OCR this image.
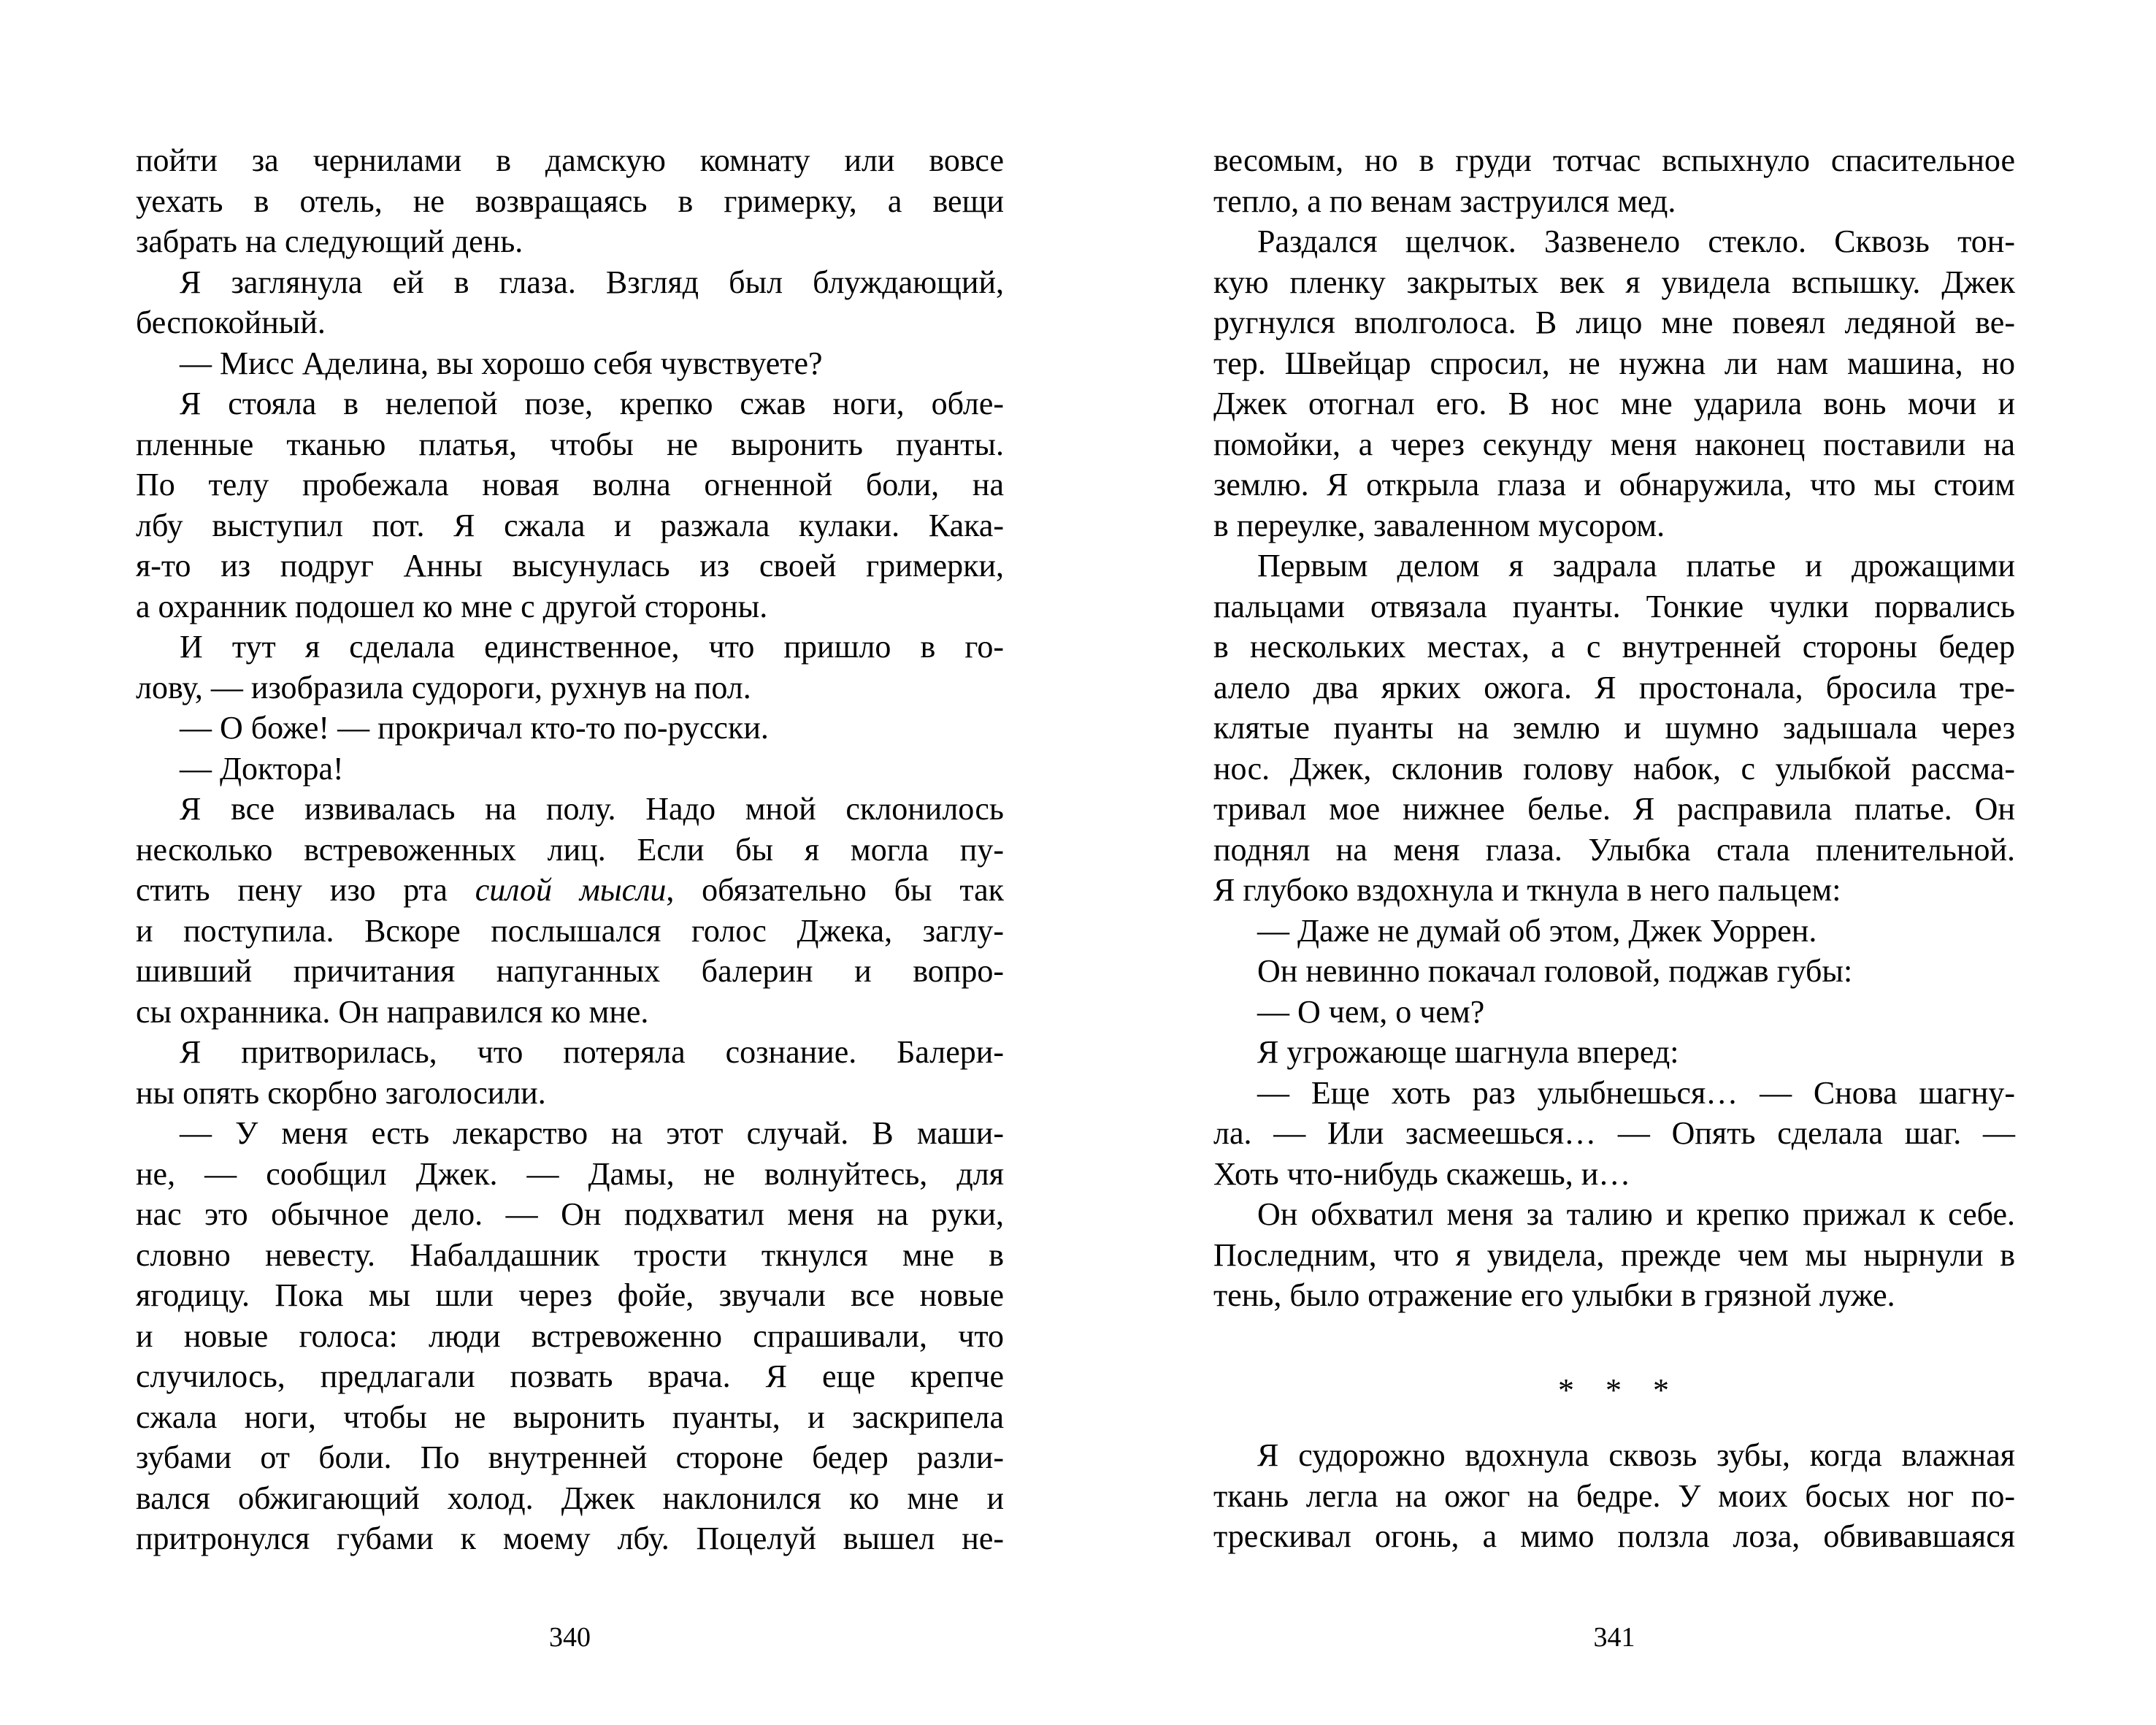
пойти за чернилами в дамскую комнату или вовсе
уехать в отель, не возвращаясь в гримерку, а вещи
забрать на следующий день.
Я заглянула ей в глаза. Взгляд был блуждающий,
беспокойный.
— Мисс Аделина, вы хорошо себя чувствуете?
Я стояла в нелепой позе, крепко сжав ноги, обле-
пленные тканью платья, чтобы не выронить пуанты.
По телу пробежала новая волна огненной боли, на
лбу выступил пот. Я сжала и разжала кулаки. Кака-
я-то из подруг Анны высунулась из своей гримерки,
а охранник подошел ко мне с другой стороны.
И тут я сделала единственное, что пришло в го-
лову, — изобразила судороги, рухнув на пол.
— О боже! — прокричал кто-то по-русски.
— Доктора!
Я все извивалась на полу. Надо мной склонилось
несколько встревоженных лиц. Если бы я могла пу-
стить пену изо рта силой мысли, обязательно бы так
и поступила. Вскоре послышался голос Джека, заглу-
шивший причитания напуганных балерин и вопро-
сы охранника. Он направился ко мне.
Я притворилась, что потеряла сознание. Балери-
ны опять скорбно заголосили.
— У меня есть лекарство на этот случай. В маши-
не, — сообщил Джек. — Дамы, не волнуйтесь, для
нас это обычное дело. — Он подхватил меня на руки,
словно невесту. Набалдашник трости ткнулся мне в
ягодицу. Пока мы шли через фойе, звучали все новые
и новые голоса: люди встревоженно спрашивали, что
случилось, предлагали позвать врача. Я еще крепче
сжала ноги, чтобы не выронить пуанты, и заскрипела
зубами от боли. По внутренней стороне бедер разли-
вался обжигающий холод. Джек наклонился ко мне и
притронулся губами к моему лбу. Поцелуй вышел не-
340
весомым, но в груди тотчас вспыхнуло спасительное
тепло, а по венам заструился мед.
Раздался щелчок. Зазвенело стекло. Сквозь тон-
кую пленку закрытых век я увидела вспышку. Джек
ругнулся вполголоса. В лицо мне повеял ледяной ве-
тер. Швейцар спросил, не нужна ли нам машина, но
Джек отогнал его. В нос мне ударила вонь мочи и
помойки, а через секунду меня наконец поставили на
землю. Я открыла глаза и обнаружила, что мы стоим
в переулке, заваленном мусором.
Первым делом я задрала платье и дрожащими
пальцами отвязала пуанты. Тонкие чулки порвались
в нескольких местах, а с внутренней стороны бедер
алело два ярких ожога. Я простонала, бросила тре-
клятые пуанты на землю и шумно задышала через
нос. Джек, склонив голову набок, с улыбкой рассма-
тривал мое нижнее белье. Я расправила платье. Он
поднял на меня глаза. Улыбка стала пленительной.
Я глубоко вздохнула и ткнула в него пальцем:
— Даже не думай об этом, Джек Уоррен.
Он невинно покачал головой, поджав губы:
— О чем, о чем?
Я угрожающе шагнула вперед:
— Еще хоть раз улыбнешься… — Снова шагну-
ла. — Или засмеешься… — Опять сделала шаг. —
Хоть что-нибудь скажешь, и…
Он обхватил меня за талию и крепко прижал к себе.
Последним, что я увидела, прежде чем мы нырнули в
тень, было отражение его улыбки в грязной луже.
* * *
Я судорожно вдохнула сквозь зубы, когда влажная
ткань легла на ожог на бедре. У моих босых ног по-
трескивал огонь, а мимо ползла лоза, обвивавшаяся
341
